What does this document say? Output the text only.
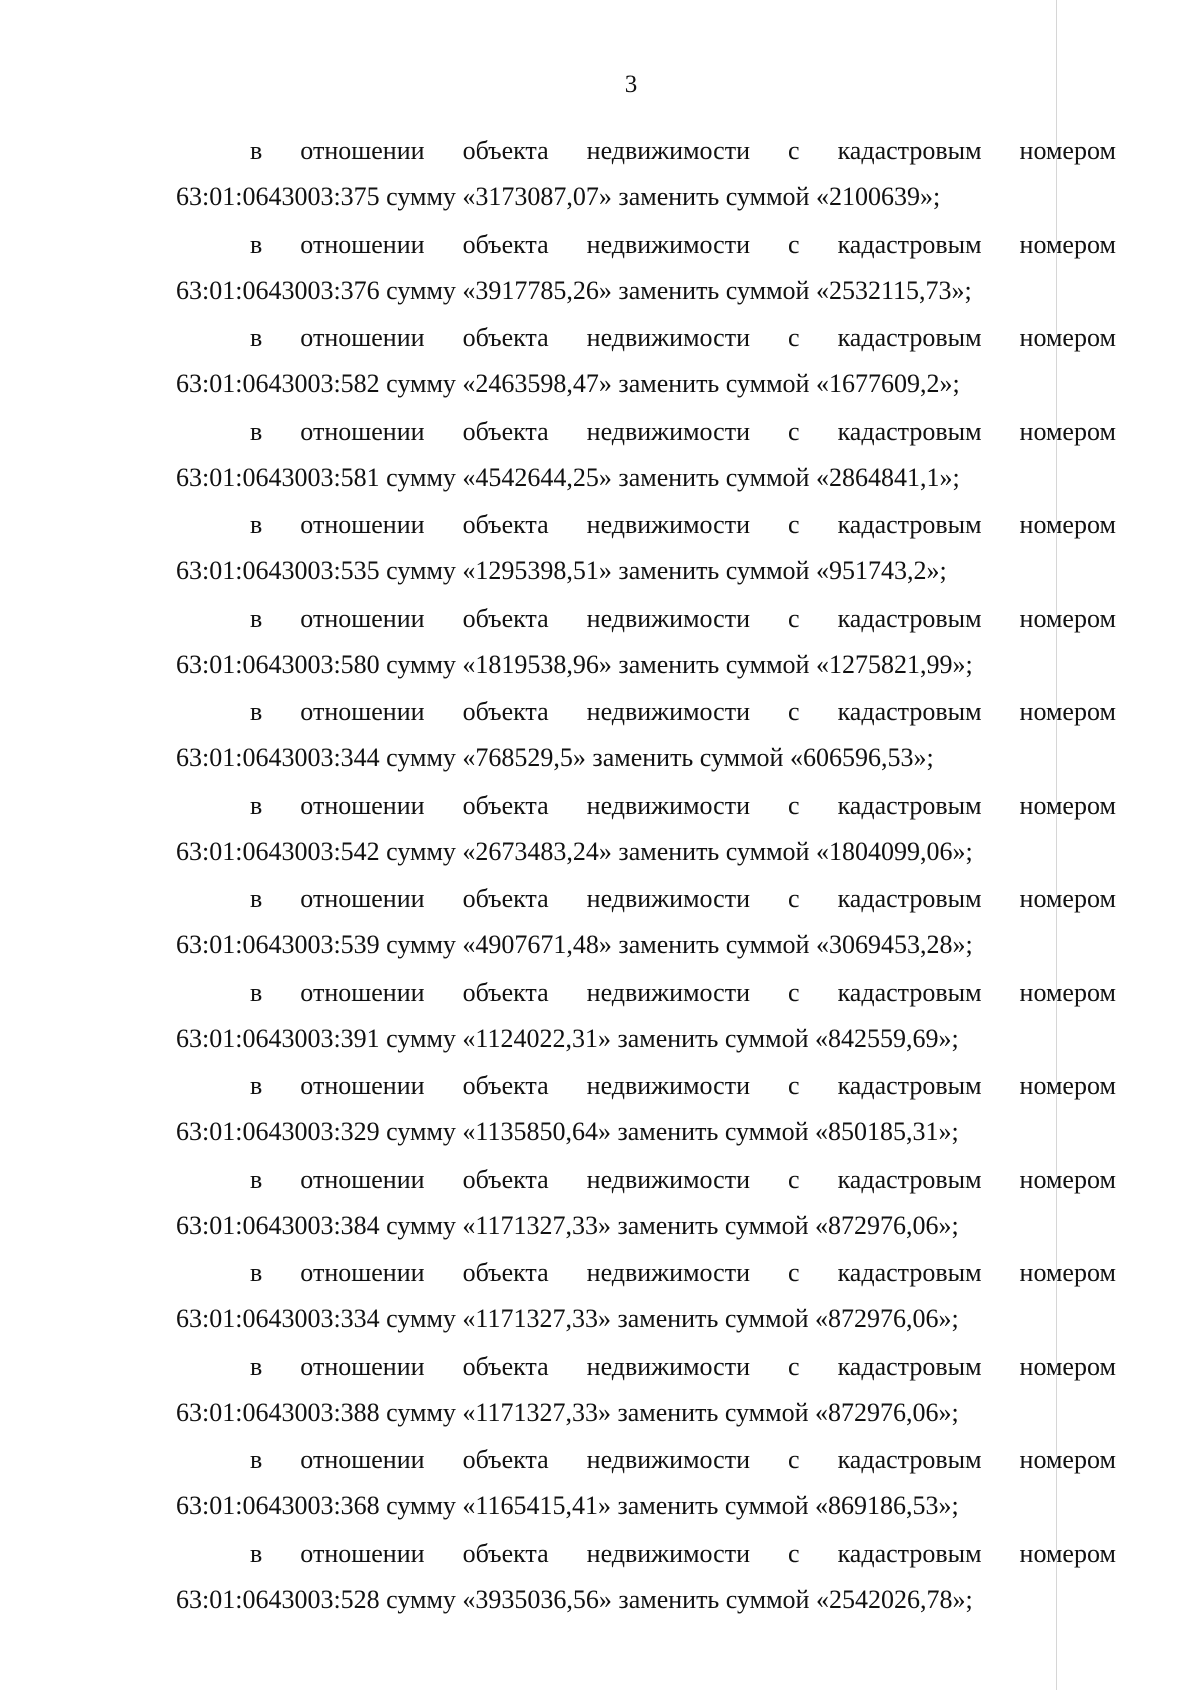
3
в отношении объекта недвижимости с кадастровым номером
63:01:0643003:375 сумму «3173087,07» заменить суммой «2100639»;
в отношении объекта недвижимости с кадастровым номером
63:01:0643003:376 сумму «3917785,26» заменить суммой «2532115,73»;
в отношении объекта недвижимости с кадастровым номером
63:01:0643003:582 сумму «2463598,47» заменить суммой «1677609,2»;
в отношении объекта недвижимости с кадастровым номером
63:01:0643003:581 сумму «4542644,25» заменить суммой «2864841,1»;
в отношении объекта недвижимости с кадастровым номером
63:01:0643003:535 сумму «1295398,51» заменить суммой «951743,2»;
в отношении объекта недвижимости с кадастровым номером
63:01:0643003:580 сумму «1819538,96» заменить суммой «1275821,99»;
в отношении объекта недвижимости с кадастровым номером
63:01:0643003:344 сумму «768529,5» заменить суммой «606596,53»;
в отношении объекта недвижимости с кадастровым номером
63:01:0643003:542 сумму «2673483,24» заменить суммой «1804099,06»;
в отношении объекта недвижимости с кадастровым номером
63:01:0643003:539 сумму «4907671,48» заменить суммой «3069453,28»;
в отношении объекта недвижимости с кадастровым номером
63:01:0643003:391 сумму «1124022,31» заменить суммой «842559,69»;
в отношении объекта недвижимости с кадастровым номером
63:01:0643003:329 сумму «1135850,64» заменить суммой «850185,31»;
в отношении объекта недвижимости с кадастровым номером
63:01:0643003:384 сумму «1171327,33» заменить суммой «872976,06»;
в отношении объекта недвижимости с кадастровым номером
63:01:0643003:334 сумму «1171327,33» заменить суммой «872976,06»;
в отношении объекта недвижимости с кадастровым номером
63:01:0643003:388 сумму «1171327,33» заменить суммой «872976,06»;
в отношении объекта недвижимости с кадастровым номером
63:01:0643003:368 сумму «1165415,41» заменить суммой «869186,53»;
в отношении объекта недвижимости с кадастровым номером
63:01:0643003:528 сумму «3935036,56» заменить суммой «2542026,78»;
